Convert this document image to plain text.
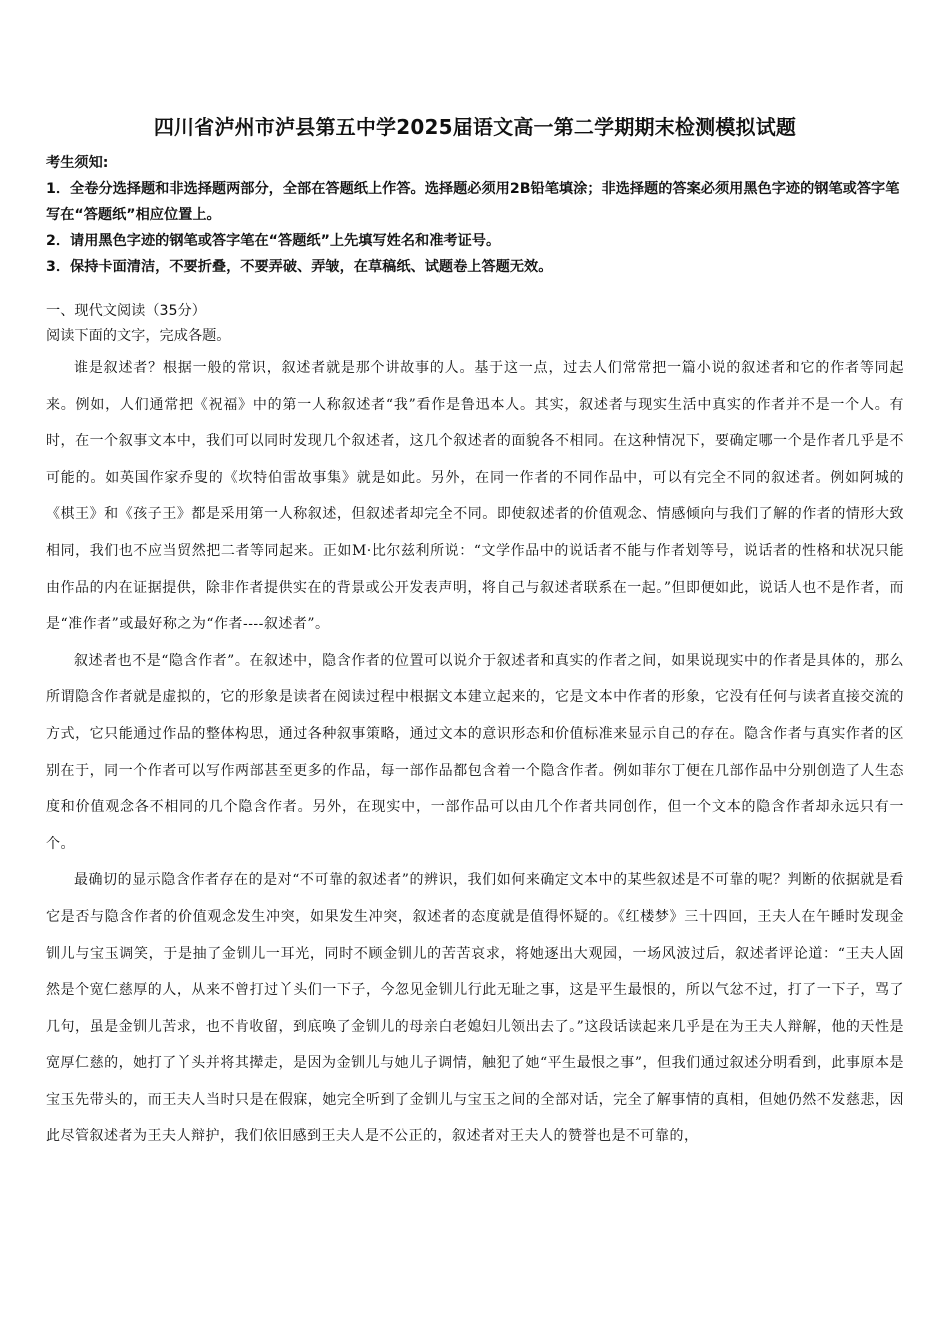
四川省泸州市泸县第五中学2025届语文高一第二学期期末检测模拟试题
考生须知:
1．全卷分选择题和非选择题两部分，全部在答题纸上作答。选择题必须用2B铅笔填涂；非选择题的答案必须用黑色字迹的钢笔或答字笔写在“答题纸”相应位置上。
2．请用黑色字迹的钢笔或答字笔在“答题纸”上先填写姓名和准考证号。
3．保持卡面清洁，不要折叠，不要弄破、弄皱，在草稿纸、试题卷上答题无效。
一、现代文阅读（35分）
阅读下面的文字，完成各题。

谁是叙述者？根据一般的常识，叙述者就是那个讲故事的人。基于这一点，过去人们常常把一篇小说的叙述者和它的作者等同起来。例如，人们通常把《祝福》中的第一人称叙述者“我”看作是鲁迅本人。其实，叙述者与现实生活中真实的作者并不是一个人。有时，在一个叙事文本中，我们可以同时发现几个叙述者，这几个叙述者的面貌各不相同。在这种情况下，要确定哪一个是作者几乎是不可能的。如英国作家乔叟的《坎特伯雷故事集》就是如此。另外，在同一作者的不同作品中，可以有完全不同的叙述者。例如阿城的《棋王》和《孩子王》都是采用第一人称叙述，但叙述者却完全不同。即使叙述者的价值观念、情感倾向与我们了解的作者的情形大致相同，我们也不应当贸然把二者等同起来。正如M·比尔兹利所说：“文学作品中的说话者不能与作者划等号，说话者的性格和状况只能由作品的内在证据提供，除非作者提供实在的背景或公开发表声明，将自己与叙述者联系在一起。”但即便如此，说话人也不是作者，而是“准作者”或最好称之为“作者----叙述者”。

叙述者也不是“隐含作者”。在叙述中，隐含作者的位置可以说介于叙述者和真实的作者之间，如果说现实中的作者是具体的，那么所谓隐含作者就是虚拟的，它的形象是读者在阅读过程中根据文本建立起来的，它是文本中作者的形象，它没有任何与读者直接交流的方式，它只能通过作品的整体构思，通过各种叙事策略，通过文本的意识形态和价值标准来显示自己的存在。隐含作者与真实作者的区别在于，同一个作者可以写作两部甚至更多的作品，每一部作品都包含着一个隐含作者。例如菲尔丁便在几部作品中分别创造了人生态度和价值观念各不相同的几个隐含作者。另外，在现实中，一部作品可以由几个作者共同创作，但一个文本的隐含作者却永远只有一个。

最确切的显示隐含作者存在的是对“不可靠的叙述者”的辨识，我们如何来确定文本中的某些叙述是不可靠的呢？判断的依据就是看它是否与隐含作者的价值观念发生冲突，如果发生冲突，叙述者的态度就是值得怀疑的。《红楼梦》三十四回，王夫人在午睡时发现金钏儿与宝玉调笑，于是抽了金钏儿一耳光，同时不顾金钏儿的苦苦哀求，将她逐出大观园，一场风波过后，叙述者评论道：“王夫人固然是个宽仁慈厚的人，从来不曾打过丫头们一下子，今忽见金钏儿行此无耻之事，这是平生最恨的，所以气忿不过，打了一下子，骂了几句，虽是金钏儿苦求，也不肯收留，到底唤了金钏儿的母亲白老媳妇儿领出去了。”这段话读起来几乎是在为王夫人辩解，他的天性是宽厚仁慈的，她打了丫头并将其撵走，是因为金钏儿与她儿子调情，触犯了她“平生最恨之事”，但我们通过叙述分明看到，此事原本是宝玉先带头的，而王夫人当时只是在假寐，她完全听到了金钏儿与宝玉之间的全部对话，完全了解事情的真相，但她仍然不发慈悲，因此尽管叙述者为王夫人辩护，我们依旧感到王夫人是不公正的，叙述者对王夫人的赞誉也是不可靠的，
